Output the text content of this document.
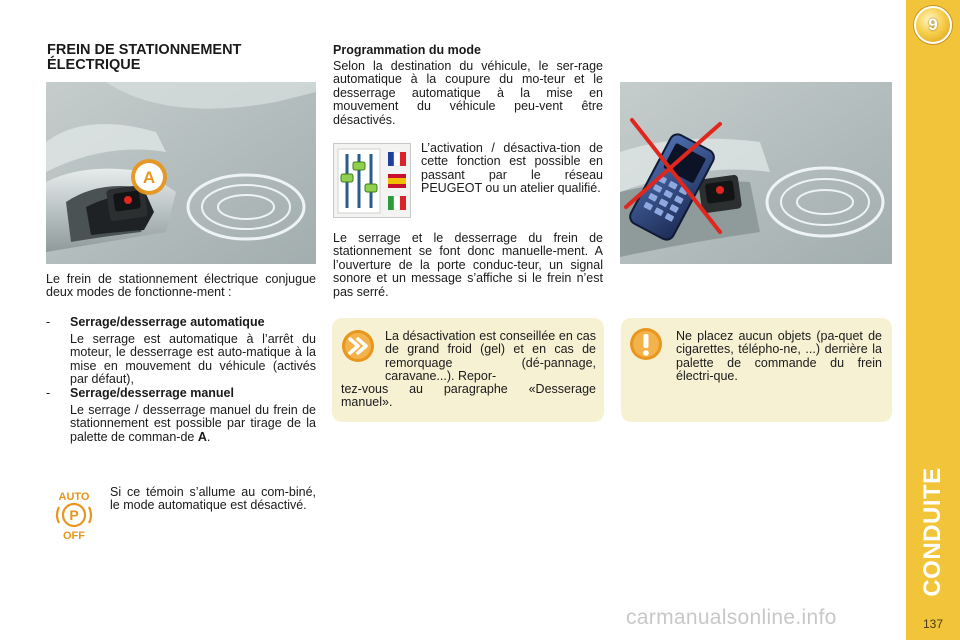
9
CONDUITE
137
FREIN DE STATIONNEMENT
ÉLECTRIQUE
A
Le frein de stationnement électrique conjugue deux modes de fonctionne-ment :
-	Serrage/desserrage automatique
Le serrage est automatique à l’arrêt du moteur, le desserrage est auto-matique à la mise en mouvement du véhicule (activés par défaut),
-	Serrage/desserrage manuel
Le serrage / desserrage manuel du frein de stationnement est possible par tirage de la palette de comman-de A.
AUTO
P
OFF
Si ce témoin s’allume au com-biné, le mode automatique est désactivé.
Programmation du mode
Selon la destination du véhicule, le ser-rage automatique à la coupure du mo-teur et le desserrage automatique à la mise en mouvement du véhicule peu-vent être désactivés.
L’activation / désactiva-tion de cette fonction est possible en passant par le réseau PEUGEOT ou un atelier qualifié.
Le serrage et le desserrage du frein de stationnement se font donc manuelle-ment. A l’ouverture de la porte conduc-teur, un signal sonore et un message s’affiche si le frein n’est pas serré.
La désactivation est conseillée en cas de grand froid (gel) et en cas de remorquage (dé-pannage, caravane...). Repor-
tez-vous au paragraphe «Desserage manuel».
Ne placez aucun objets (pa-quet de cigarettes, télépho-ne, ...) derrière la palette de commande du frein électri-que.
carmanualsonline.info
